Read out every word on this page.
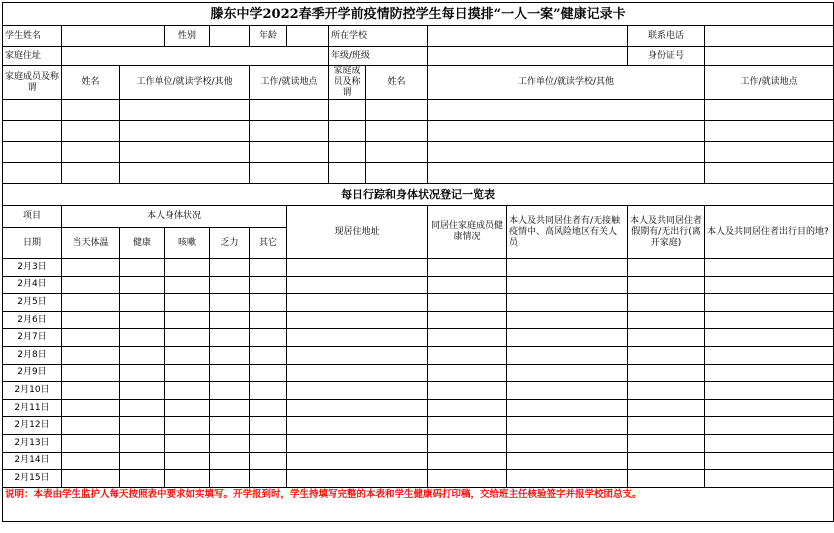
滕东中学2022春季开学前疫情防控学生每日摸排“一人一案”健康记录卡												
学生姓名			性别		年龄		所在学校				联系电话	
家庭住址							年级/班级				身份证号	
家庭成员及称谓	姓名	工作单位/就读学校/其他			工作/就读地点		家庭成员及称谓	姓名	工作单位/就读学校/其他			工作/就读地点

每日行踪和身体状况登记一览表												
项目	本人身体状况					现居住地址			同居住家庭成员健康情况	本人及共同居住者有/无接触疫情中、高风险地区有关人员	本人及共同居住者假期有/无出行(离开家庭)	本人及共同居住者出行目的地?
日期	当天体温	健康	咳嗽	乏力	其它							
2月3日												
2月4日												
2月5日												
2月6日												
2月7日												
2月8日												
2月9日												
2月10日												
2月11日												
2月12日												
2月13日												
2月14日												
2月15日												
说明：本表由学生监护人每天按照表中要求如实填写。开学报到时，学生持填写完整的本表和学生健康码打印稿，交给班主任核验签字并报学校团总支。												
